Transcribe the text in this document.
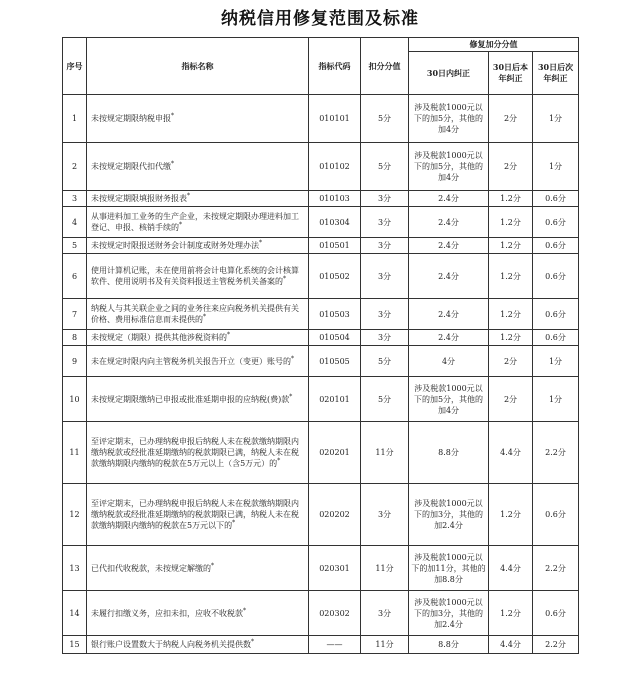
纳税信用修复范围及标准
序号	指标名称	指标代码	扣分分值	修复加分分值		
				30日内纠正	30日后本年纠正	30日后次年纠正

1	未按规定期限纳税申报*	010101	5分	涉及税款1000元以下的加5分，其他的加4分	2分	1分
2	未按规定期限代扣代缴*	010102	5分	涉及税款1000元以下的加5分，其他的加4分	2分	1分
3	未按规定期限填报财务报表*	010103	3分	2.4分	1.2分	0.6分
4	从事进料加工业务的生产企业，未按规定期限办理进料加工登记、申报、核销手续的*	010304	3分	2.4分	1.2分	0.6分
5	未按规定时限报送财务会计制度或财务处理办法*	010501	3分	2.4分	1.2分	0.6分
6	使用计算机记账，未在使用前将会计电算化系统的会计核算软件、使用说明书及有关资料报送主管税务机关备案的*	010502	3分	2.4分	1.2分	0.6分
7	纳税人与其关联企业之间的业务往来应向税务机关提供有关价格、费用标准信息而未提供的*	010503	3分	2.4分	1.2分	0.6分
8	未按规定（期限）提供其他涉税资料的*	010504	3分	2.4分	1.2分	0.6分
9	未在规定时限内向主管税务机关报告开立（变更）账号的*	010505	5分	4分	2分	1分
10	未按规定期限缴纳已申报或批准延期申报的应纳税(费)款*	020101	5分	涉及税款1000元以下的加5分，其他的加4分	2分	1分
11	至评定期末，已办理纳税申报后纳税人未在税款缴纳期限内缴纳税款或经批准延期缴纳的税款期限已满，纳税人未在税款缴纳期限内缴纳的税款在5万元以上（含5万元）的*	020201	11分	8.8分	4.4分	2.2分
12	至评定期末，已办理纳税申报后纳税人未在税款缴纳期限内缴纳税款或经批准延期缴纳的税款期限已满，纳税人未在税款缴纳期限内缴纳的税款在5万元以下的*	020202	3分	涉及税款1000元以下的加3分，其他的加2.4分	1.2分	0.6分
13	已代扣代收税款，未按规定解缴的*	020301	11分	涉及税款1000元以下的加11分，其他的加8.8分	4.4分	2.2分
14	未履行扣缴义务，应扣未扣，应收不收税款*	020302	3分	涉及税款1000元以下的加3分，其他的加2.4分	1.2分	0.6分
15	银行账户设置数大于纳税人向税务机关提供数*	——	11分	8.8分	4.4分	2.2分
